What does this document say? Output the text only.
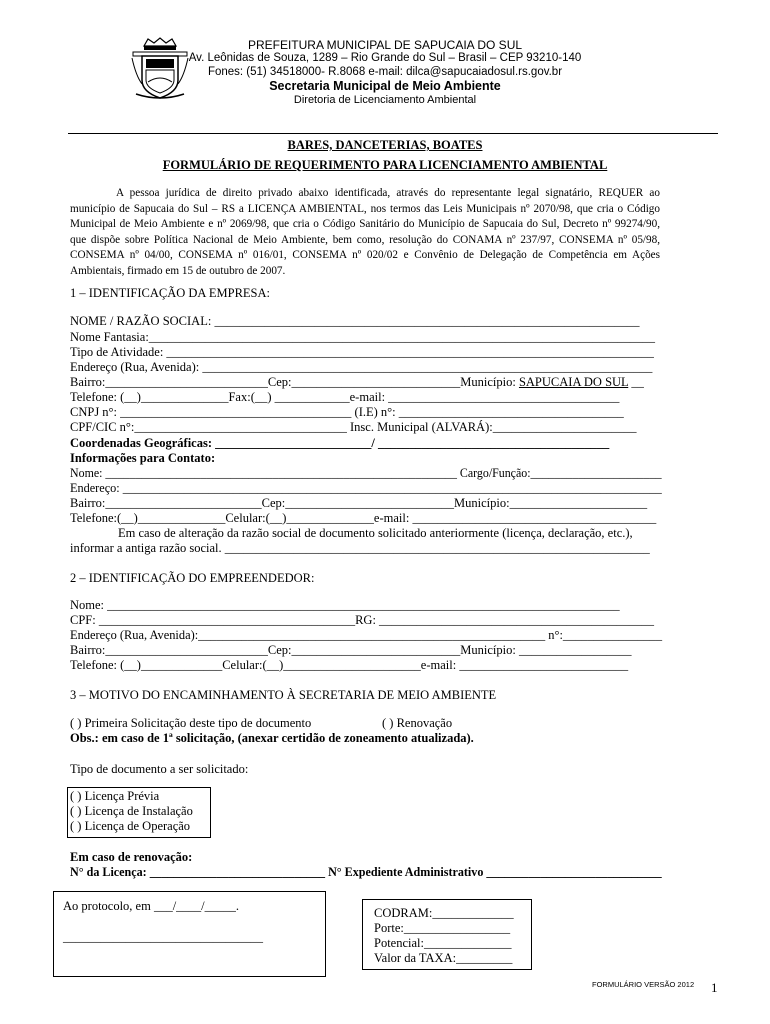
PREFEITURA MUNICIPAL DE SAPUCAIA DO SUL
Av. Leônidas de Souza, 1289 – Rio Grande do Sul – Brasil – CEP 93210-140
Fones: (51) 34518000- R.8068 e-mail: dilca@sapucaiadosul.rs.gov.br
Secretaria Municipal de Meio Ambiente
Diretoria de Licenciamento Ambiental
BARES, DANCETERIAS, BOATES
FORMULÁRIO DE REQUERIMENTO PARA LICENCIAMENTO AMBIENTAL
A pessoa jurídica de direito privado abaixo identificada, através do representante legal signatário, REQUER ao município de Sapucaia do Sul – RS a LICENÇA AMBIENTAL, nos termos das Leis Municipais nº 2070/98, que cria o Código Municipal de Meio Ambiente e nº 2069/98, que cria o Código Sanitário do Município de Sapucaia do Sul, Decreto nº 99274/90, que dispõe sobre Política Nacional de Meio Ambiente, bem como, resolução do CONAMA nº 237/97, CONSEMA nº 05/98, CONSEMA nº 04/00, CONSEMA nº 016/01, CONSEMA nº 020/02 e Convênio de Delegação de Competência em Ações Ambientais, firmado em 15 de outubro de 2007.
1 – IDENTIFICAÇÃO DA EMPRESA:
NOME / RAZÃO SOCIAL: ____________________________________________________________________
Nome Fantasia:_________________________________________________________________________________
Tipo de Atividade: ______________________________________________________________________________
Endereço (Rua, Avenida): ________________________________________________________________________
Bairro:__________________________Cep:___________________________Município: SAPUCAIA DO SUL __
Telefone: (__)______________Fax:(__) ____________e-mail: _____________________________________
CNPJ n°: _____________________________________ (I.E) n°: ____________________________________
CPF/CIC n°:__________________________________ Insc. Municipal (ALVARÁ):_______________________
Coordenadas Geográficas: _________________________/ _____________________________________
Informações para Contato:
Nome: ___________________________________________________________ Cargo/Função:______________________
Endereço: ________________________________________________________________________________________
Bairro:_________________________Cep:___________________________Município:______________________
Telefone:(__)______________Celular:(__)______________e-mail: _______________________________________
Em caso de alteração da razão social de documento solicitado anteriormente (licença, declaração, etc.),
informar a antiga razão social. ____________________________________________________________________
2 – IDENTIFICAÇÃO DO EMPREENDEDOR:
Nome: __________________________________________________________________________________
CPF: _________________________________________RG: ____________________________________________
Endereço (Rua, Avenida):________________________________________________________ n°:________________
Bairro:__________________________Cep:___________________________Município: __________________
Telefone: (__)_____________Celular:(__)______________________e-mail: ___________________________
3 – MOTIVO DO ENCAMINHAMENTO À SECRETARIA DE MEIO AMBIENTE
( ) Primeira Solicitação deste tipo de documento	( ) Renovação
Obs.: em caso de 1ª solicitação, (anexar certidão de zoneamento atualizada).
Tipo de documento a ser solicitado:
( ) Licença Prévia
( ) Licença de Instalação
( ) Licença de Operação
Em caso de renovação:
N° da Licença: _____________________________ N° Expediente Administrativo _____________________________
Ao protocolo, em ___/____/_____.
________________________________
CODRAM:_____________
Porte:_________________
Potencial:______________
Valor da TAXA:_________
FORMULÁRIO VERSÃO 2012 1
